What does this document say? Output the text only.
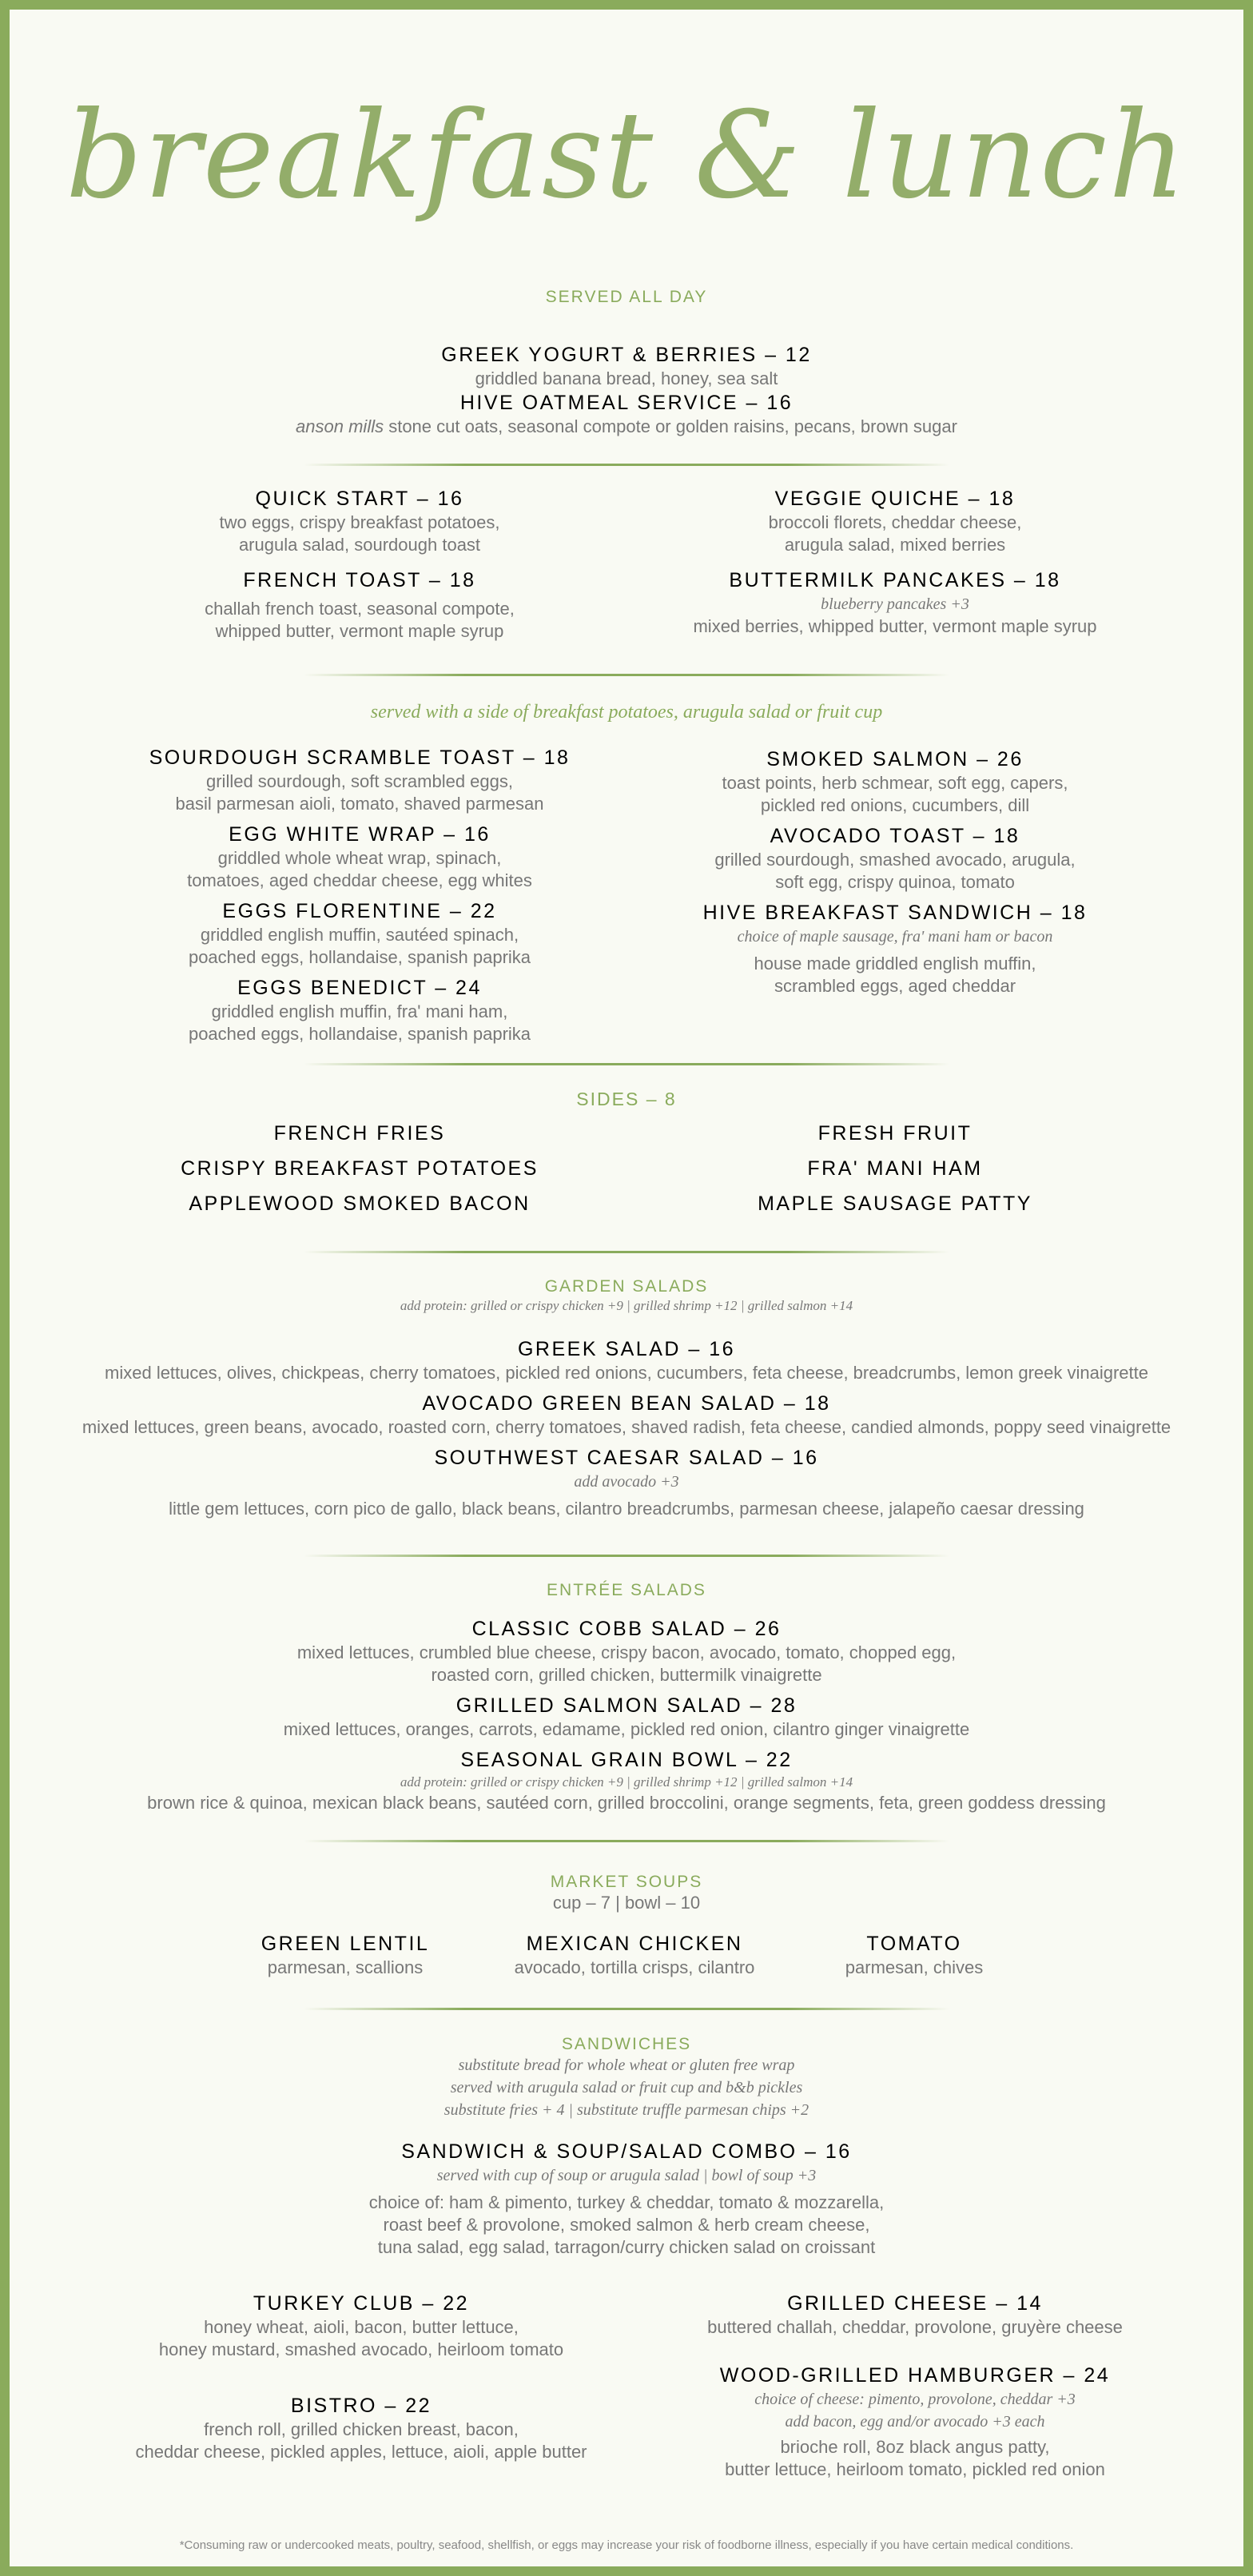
breakfast & lunch
SERVED ALL DAY
GREEK YOGURT & BERRIES – 12
griddled banana bread, honey, sea salt
HIVE OATMEAL SERVICE – 16
anson mills stone cut oats, seasonal compote or golden raisins, pecans, brown sugar
QUICK START – 16
two eggs, crispy breakfast potatoes,
arugula salad, sourdough toast
FRENCH TOAST – 18
challah french toast, seasonal compote,
whipped butter, vermont maple syrup
VEGGIE QUICHE – 18
broccoli florets, cheddar cheese,
arugula salad, mixed berries
BUTTERMILK PANCAKES – 18
blueberry pancakes +3
mixed berries, whipped butter, vermont maple syrup
served with a side of breakfast potatoes, arugula salad or fruit cup
SOURDOUGH SCRAMBLE TOAST – 18
grilled sourdough, soft scrambled eggs,
basil parmesan aioli, tomato, shaved parmesan
EGG WHITE WRAP – 16
griddled whole wheat wrap, spinach,
tomatoes, aged cheddar cheese, egg whites
EGGS FLORENTINE – 22
griddled english muffin, sautéed spinach,
poached eggs, hollandaise, spanish paprika
EGGS BENEDICT – 24
griddled english muffin, fra' mani ham,
poached eggs, hollandaise, spanish paprika
SMOKED SALMON – 26
toast points, herb schmear, soft egg, capers,
pickled red onions, cucumbers, dill
AVOCADO TOAST – 18
grilled sourdough, smashed avocado, arugula,
soft egg, crispy quinoa, tomato
HIVE BREAKFAST SANDWICH – 18
choice of maple sausage, fra' mani ham or bacon
house made griddled english muffin,
scrambled eggs, aged cheddar
SIDES – 8
FRENCH FRIES
CRISPY BREAKFAST POTATOES
APPLEWOOD SMOKED BACON
FRESH FRUIT
FRA' MANI HAM
MAPLE SAUSAGE PATTY
GARDEN SALADS
add protein: grilled or crispy chicken +9 | grilled shrimp +12 | grilled salmon +14
GREEK SALAD – 16
mixed lettuces, olives, chickpeas, cherry tomatoes, pickled red onions, cucumbers, feta cheese, breadcrumbs, lemon greek vinaigrette
AVOCADO GREEN BEAN SALAD – 18
mixed lettuces, green beans, avocado, roasted corn, cherry tomatoes, shaved radish, feta cheese, candied almonds, poppy seed vinaigrette
SOUTHWEST CAESAR SALAD – 16
add avocado +3
little gem lettuces, corn pico de gallo, black beans, cilantro breadcrumbs, parmesan cheese, jalapeño caesar dressing
ENTRÉE SALADS
CLASSIC COBB SALAD – 26
mixed lettuces, crumbled blue cheese, crispy bacon, avocado, tomato, chopped egg,
roasted corn, grilled chicken, buttermilk vinaigrette
GRILLED SALMON SALAD – 28
mixed lettuces, oranges, carrots, edamame, pickled red onion, cilantro ginger vinaigrette
SEASONAL GRAIN BOWL – 22
add protein: grilled or crispy chicken +9 | grilled shrimp +12 | grilled salmon +14
brown rice & quinoa, mexican black beans, sautéed corn, grilled broccolini, orange segments, feta, green goddess dressing
MARKET SOUPS
cup – 7 | bowl – 10
GREEN LENTIL
parmesan, scallions
MEXICAN CHICKEN
avocado, tortilla crisps, cilantro
TOMATO
parmesan, chives
SANDWICHES
substitute bread for whole wheat or gluten free wrap
served with arugula salad or fruit cup and b&b pickles
substitute fries + 4 | substitute truffle parmesan chips +2
SANDWICH & SOUP/SALAD COMBO – 16
served with cup of soup or arugula salad | bowl of soup +3
choice of: ham & pimento, turkey & cheddar, tomato & mozzarella,
roast beef & provolone, smoked salmon & herb cream cheese,
tuna salad, egg salad, tarragon/curry chicken salad on croissant
TURKEY CLUB – 22
honey wheat, aioli, bacon, butter lettuce,
honey mustard, smashed avocado, heirloom tomato
BISTRO – 22
french roll, grilled chicken breast, bacon,
cheddar cheese, pickled apples, lettuce, aioli, apple butter
GRILLED CHEESE – 14
buttered challah, cheddar, provolone, gruyère cheese
WOOD-GRILLED HAMBURGER – 24
choice of cheese: pimento, provolone, cheddar +3
add bacon, egg and/or avocado +3 each
brioche roll, 8oz black angus patty,
butter lettuce, heirloom tomato, pickled red onion
*Consuming raw or undercooked meats, poultry, seafood, shellfish, or eggs may increase your risk of foodborne illness, especially if you have certain medical conditions.
